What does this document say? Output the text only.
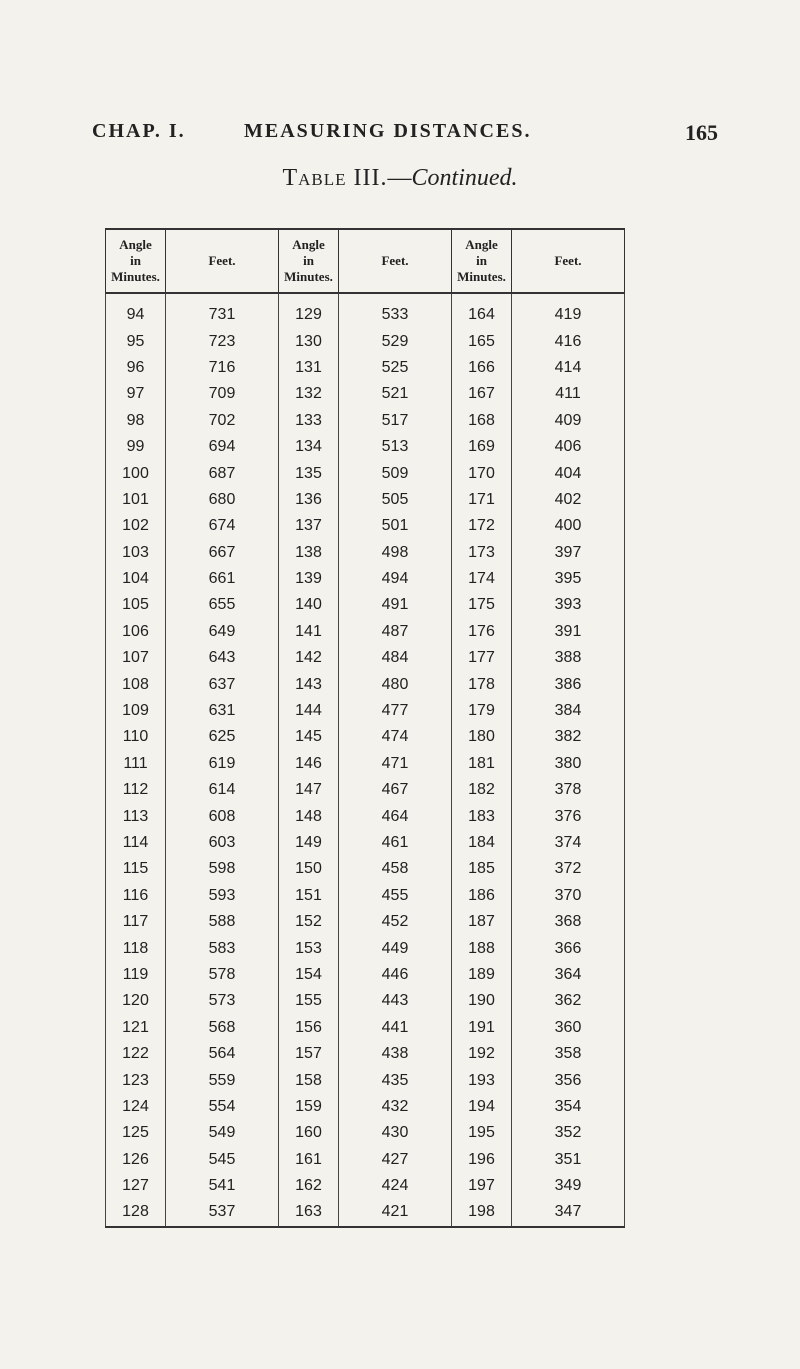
CHAP. I.	MEASURING DISTANCES.	165
Table III.—Continued.
Angle
in
Minutes.	Feet.	Angle
in
Minutes.	Feet.	Angle
in
Minutes.	Feet.
94	731	129	533	164	419
95	723	130	529	165	416
96	716	131	525	166	414
97	709	132	521	167	411
98	702	133	517	168	409
99	694	134	513	169	406
100	687	135	509	170	404
101	680	136	505	171	402
102	674	137	501	172	400
103	667	138	498	173	397
104	661	139	494	174	395
105	655	140	491	175	393
106	649	141	487	176	391
107	643	142	484	177	388
108	637	143	480	178	386
109	631	144	477	179	384
110	625	145	474	180	382
111	619	146	471	181	380
112	614	147	467	182	378
113	608	148	464	183	376
114	603	149	461	184	374
115	598	150	458	185	372
116	593	151	455	186	370
117	588	152	452	187	368
118	583	153	449	188	366
119	578	154	446	189	364
120	573	155	443	190	362
121	568	156	441	191	360
122	564	157	438	192	358
123	559	158	435	193	356
124	554	159	432	194	354
125	549	160	430	195	352
126	545	161	427	196	351
127	541	162	424	197	349
128	537	163	421	198	347
